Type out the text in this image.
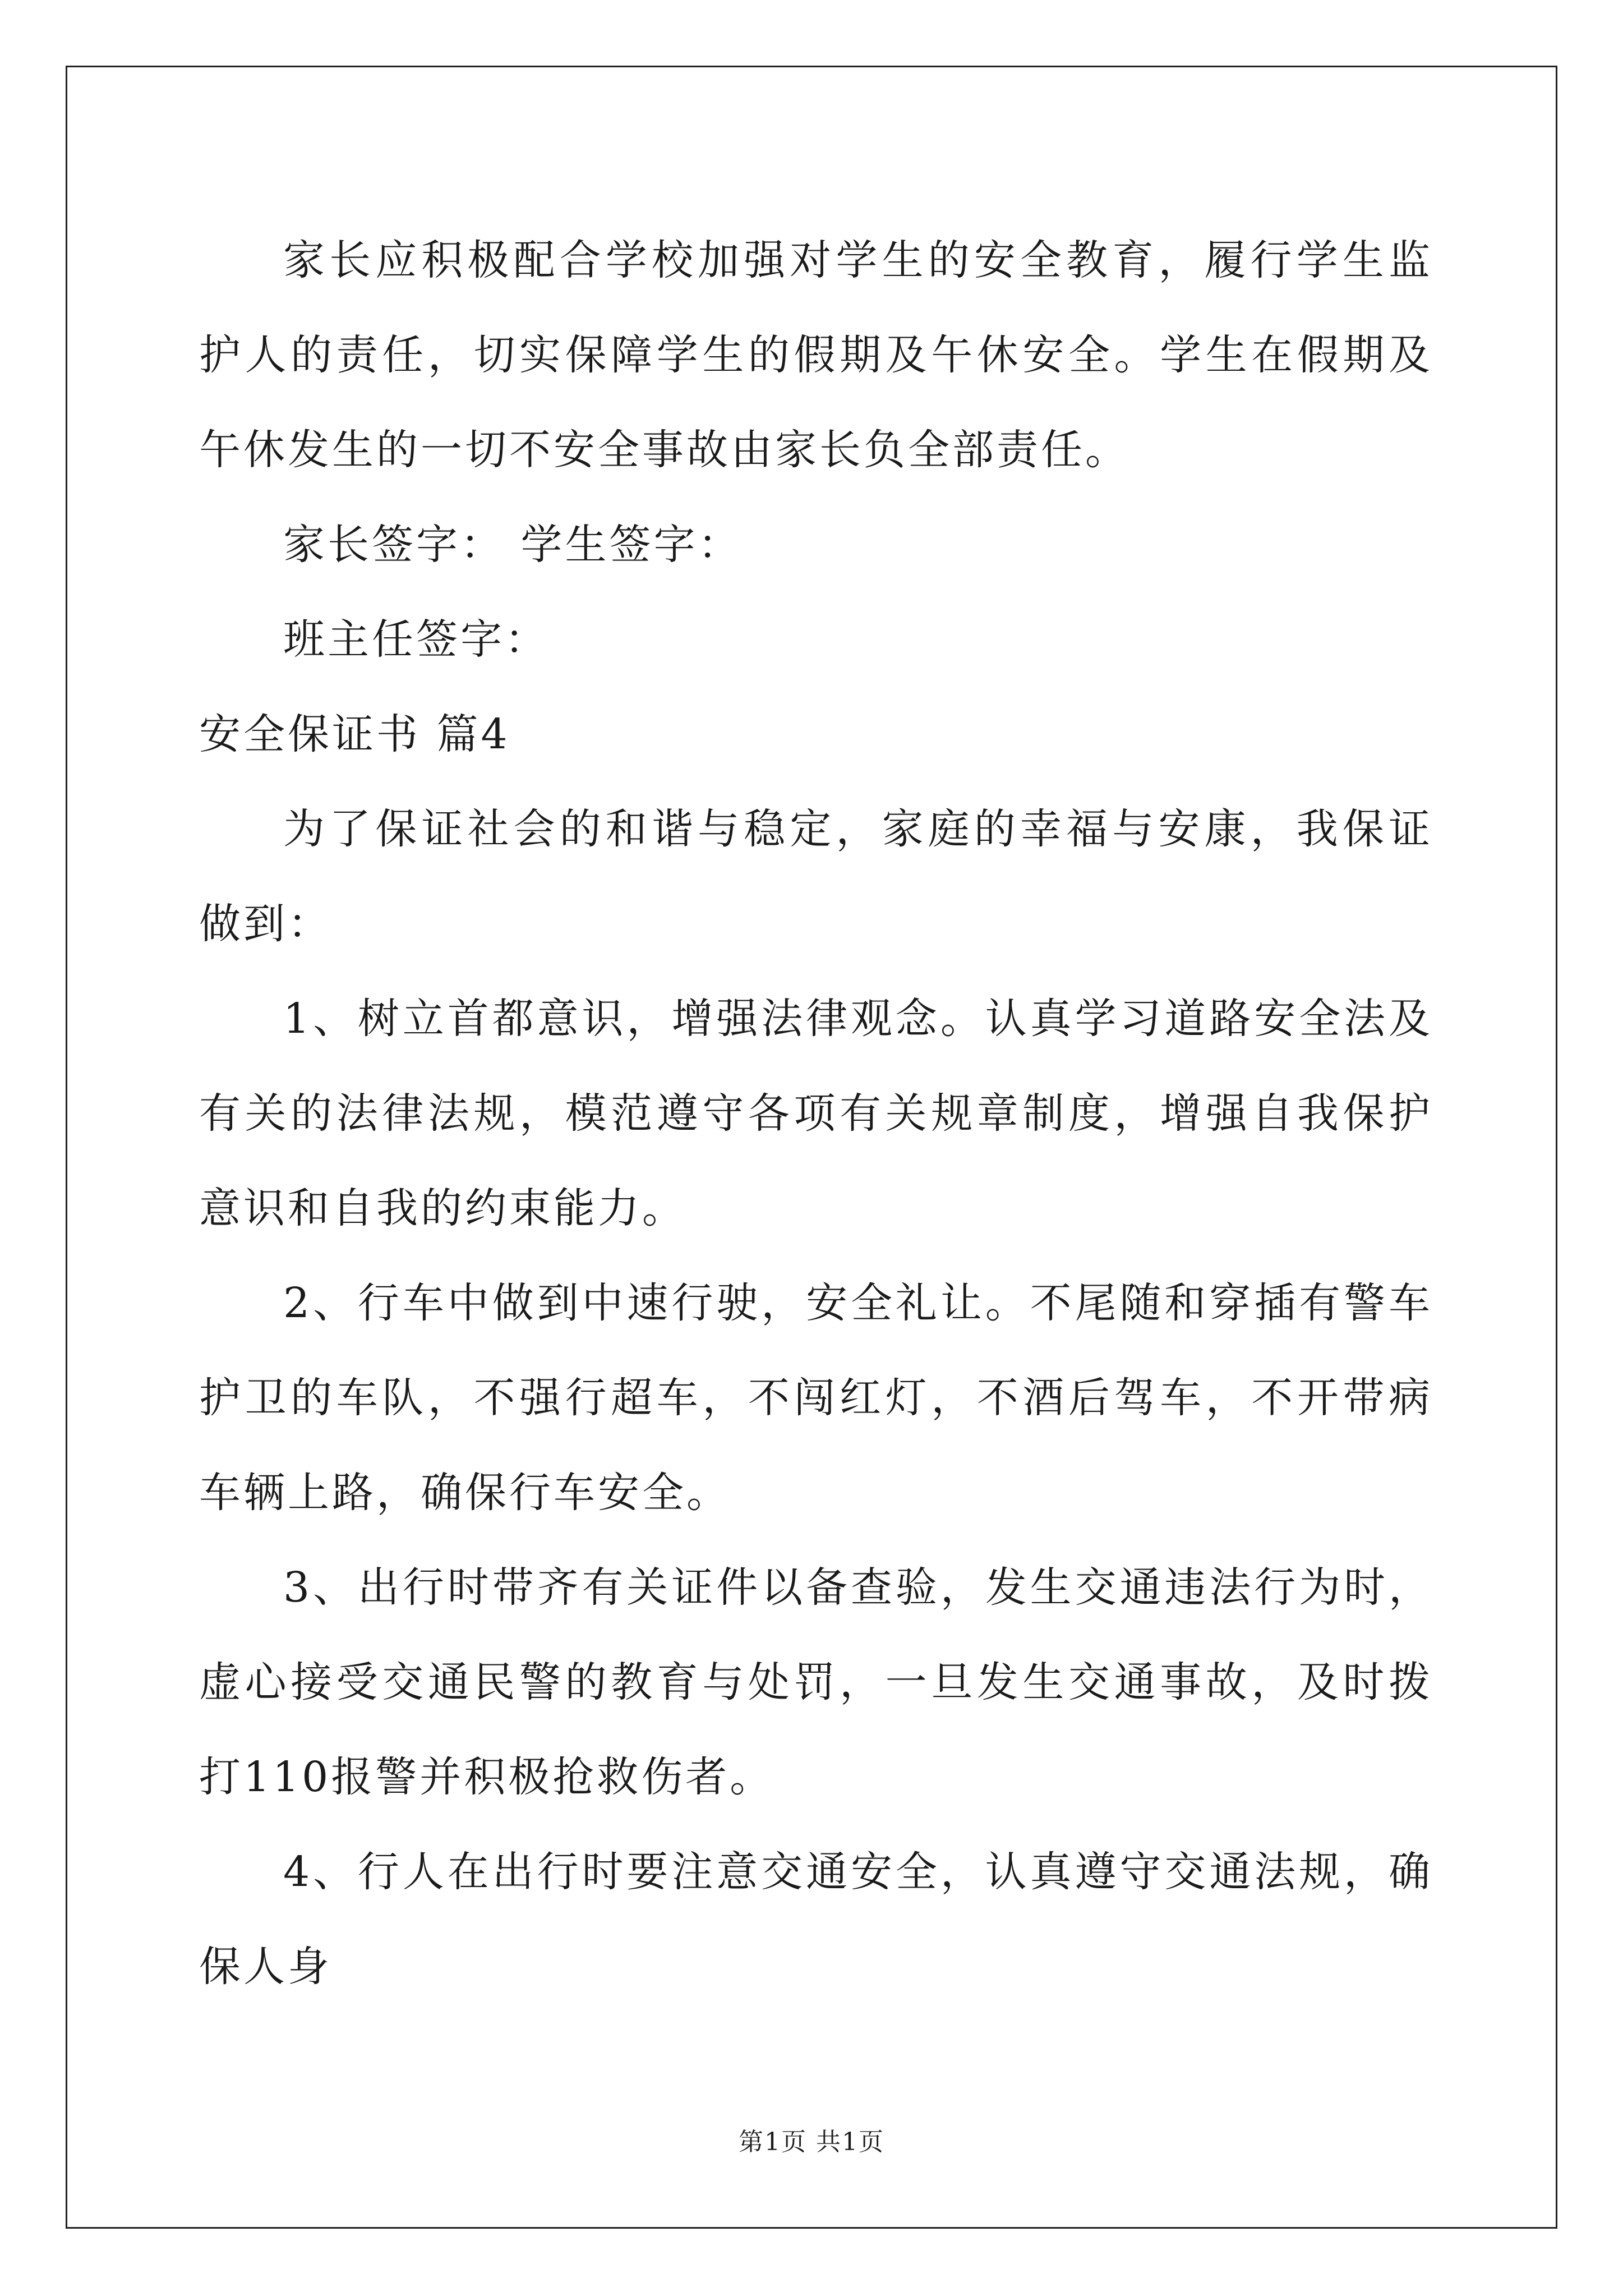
家长应积极配合学校加强对学生的安全教育，履行学生监护人的责任，切实保障学生的假期及午休安全。学生在假期及午休发生的一切不安全事故由家长负全部责任。

家长签字： 学生签字：

班主任签字：

安全保证书 篇4

为了保证社会的和谐与稳定，家庭的幸福与安康，我保证做到：

1、树立首都意识，增强法律观念。认真学习道路安全法及有关的法律法规，模范遵守各项有关规章制度，增强自我保护意识和自我的约束能力。

2、行车中做到中速行驶，安全礼让。不尾随和穿插有警车护卫的车队，不强行超车，不闯红灯，不酒后驾车，不开带病车辆上路，确保行车安全。

3、出行时带齐有关证件以备查验，发生交通违法行为时，虚心接受交通民警的教育与处罚，一旦发生交通事故，及时拨打110报警并积极抢救伤者。

4、行人在出行时要注意交通安全，认真遵守交通法规，确保人身

第1页 共1页
